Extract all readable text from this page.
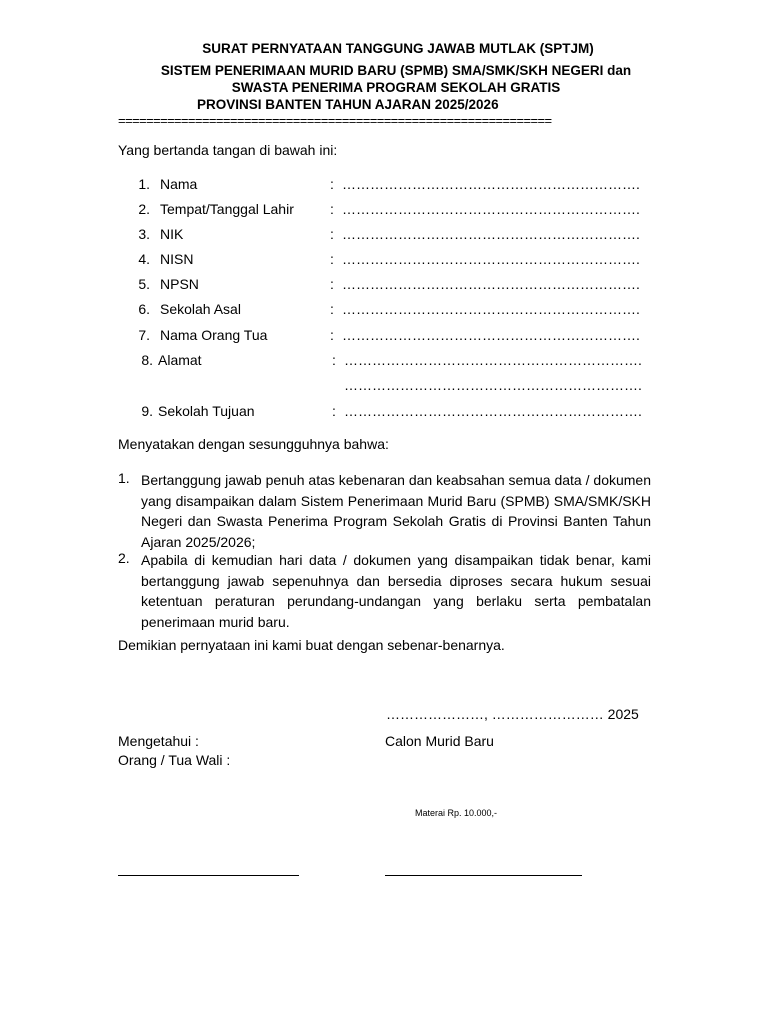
SURAT PERNYATAAN TANGGUNG JAWAB MUTLAK (SPTJM)
SISTEM PENERIMAAN MURID BARU (SPMB) SMA/SMK/SKH NEGERI dan
SWASTA PENERIMA PROGRAM SEKOLAH GRATIS
PROVINSI BANTEN TAHUN AJARAN 2025/2026
==============================================================
Yang bertanda tangan di bawah ini:
1. Nama	: ……………………………………………………….
2. Tempat/Tanggal Lahir	: ……………………………………………………….
3. NIK	: ……………………………………………………….
4. NISN	: ……………………………………………………….
5. NPSN	: ……………………………………………………….
6. Sekolah Asal	: ……………………………………………………….
7. Nama Orang Tua	: ……………………………………………………….
8. Alamat	: ……………………………………………………….
……………………………………………………….
9. Sekolah Tujuan	: ……………………………………………………….
Menyatakan dengan sesungguhnya bahwa:
1. Bertanggung jawab penuh atas kebenaran dan keabsahan semua data / dokumen yang disampaikan dalam Sistem Penerimaan Murid Baru (SPMB) SMA/SMK/SKH Negeri dan Swasta Penerima Program Sekolah Gratis di Provinsi Banten Tahun Ajaran 2025/2026;
2. Apabila di kemudian hari data / dokumen yang disampaikan tidak benar, kami bertanggung jawab sepenuhnya dan bersedia diproses secara hukum sesuai ketentuan peraturan perundang-undangan yang berlaku serta pembatalan penerimaan murid baru.
Demikian pernyataan ini kami buat dengan sebenar-benarnya.
…………………, …………………… 2025
Mengetahui :
Orang / Tua Wali :
Calon Murid Baru
Materai Rp. 10.000,-
